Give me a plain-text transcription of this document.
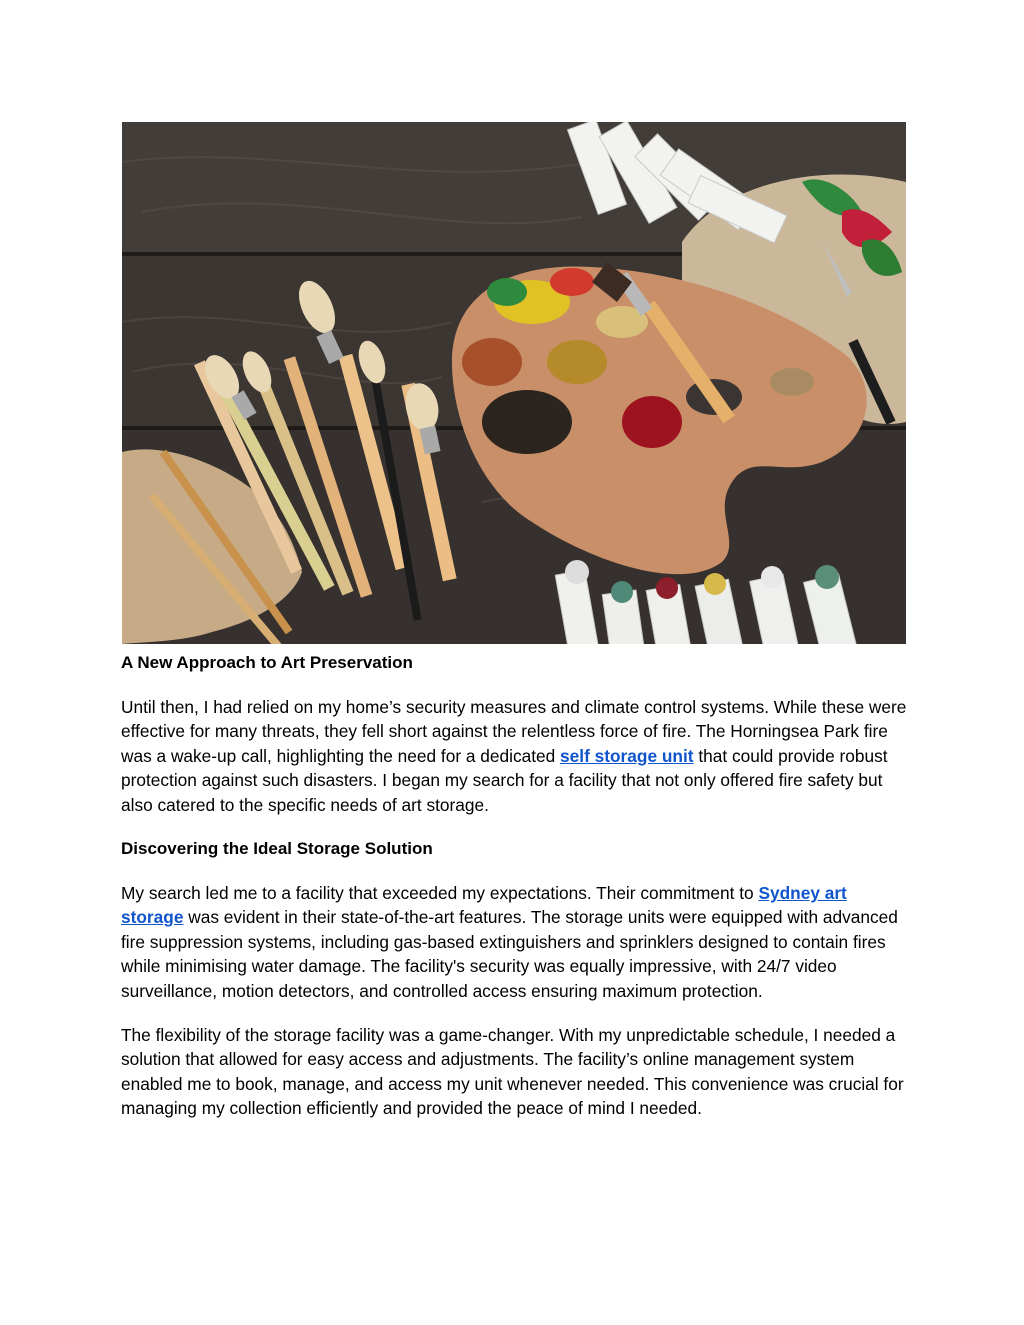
A New Approach to Art Preservation

Until then, I had relied on my home’s security measures and climate control systems. While these were effective for many threats, they fell short against the relentless force of fire. The Horningsea Park fire was a wake-up call, highlighting the need for a dedicated self storage unit that could provide robust protection against such disasters. I began my search for a facility that not only offered fire safety but also catered to the specific needs of art storage.

Discovering the Ideal Storage Solution

My search led me to a facility that exceeded my expectations. Their commitment to Sydney art storage was evident in their state-of-the-art features. The storage units were equipped with advanced fire suppression systems, including gas-based extinguishers and sprinklers designed to contain fires while minimising water damage. The facility's security was equally impressive, with 24/7 video surveillance, motion detectors, and controlled access ensuring maximum protection.

The flexibility of the storage facility was a game-changer. With my unpredictable schedule, I needed a solution that allowed for easy access and adjustments. The facility’s online management system enabled me to book, manage, and access my unit whenever needed. This convenience was crucial for managing my collection efficiently and provided the peace of mind I needed.
